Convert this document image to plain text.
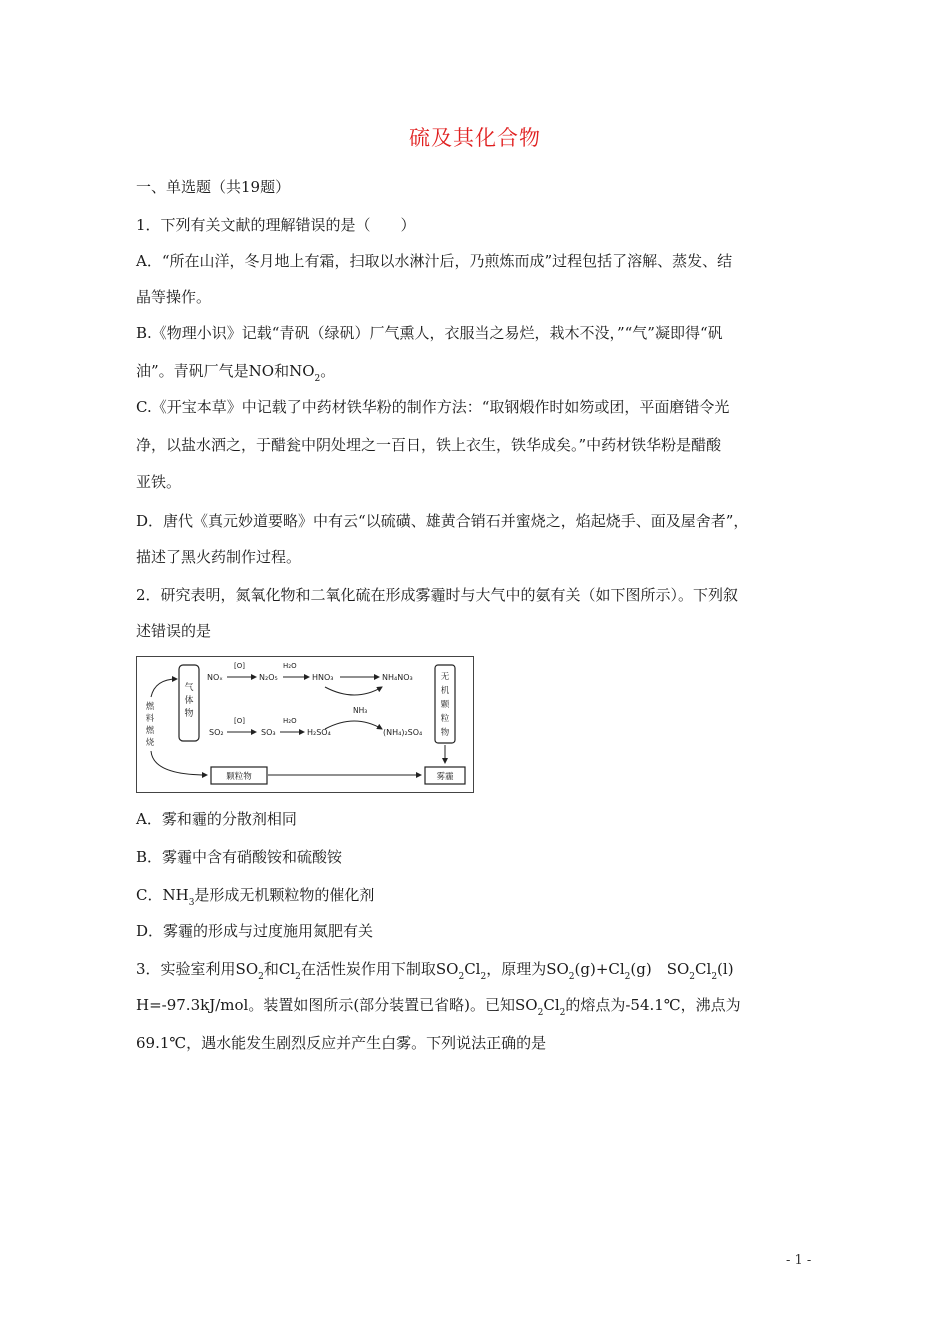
硫及其化合物
一、单选题（共19题）
1．下列有关文献的理解错误的是（　　）
A．“所在山洋，冬月地上有霜，扫取以水淋汁后，乃煎炼而成”过程包括了溶解、蒸发、结
晶等操作。
B.《物理小识》记载“青矾（绿矾）厂气熏人，衣服当之易烂，栽木不没，”“气”凝即得“矾
油”。青矾厂气是NO和$NO_2$。
C.《开宝本草》中记载了中药材铁华粉的制作方法：“取钢煅作时如笏或团，平面磨错令光
净，以盐水洒之，于醋瓮中阴处埋之一百日，铁上衣生，铁华成矣。”中药材铁华粉是醋酸
亚铁。
D．唐代《真元妙道要略》中有云“以硫磺、雄黄合销石并蜜烧之，焰起烧手、面及屋舍者”，
描述了黑火药制作过程。
2．研究表明，氮氧化物和二氧化硫在形成雾霾时与大气中的氨有关（如下图所示）。下列叙
述错误的是
气
体
物
燃
料
燃
烧
NOₓ
[O]
N₂O₅
H₂O
HNO₃	NH₄NO₃
NH₃
SO₂
[O]
SO₃
H₂O
H₂SO₄	(NH₄)₂SO₄
无
机
颗
粒
物
颗粒物	雾霾
A．雾和霾的分散剂相同
B．雾霾中含有硝酸铵和硫酸铵
C．$NH_3$是形成无机颗粒物的催化剂
D．雾霾的形成与过度施用氮肥有关
3．实验室利用$SO_2$和$Cl_2$在活性炭作用下制取$SO_2Cl_2$，原理为$SO_2(g)+Cl_2(g)$　$SO_2Cl_2(l)$
H=-97.3kJ/mol。装置如图所示(部分装置已省略)。已知$SO_2Cl_2$的熔点为-54.1℃，沸点为
69.1℃，遇水能发生剧烈反应并产生白雾。下列说法正确的是
- 1 -
